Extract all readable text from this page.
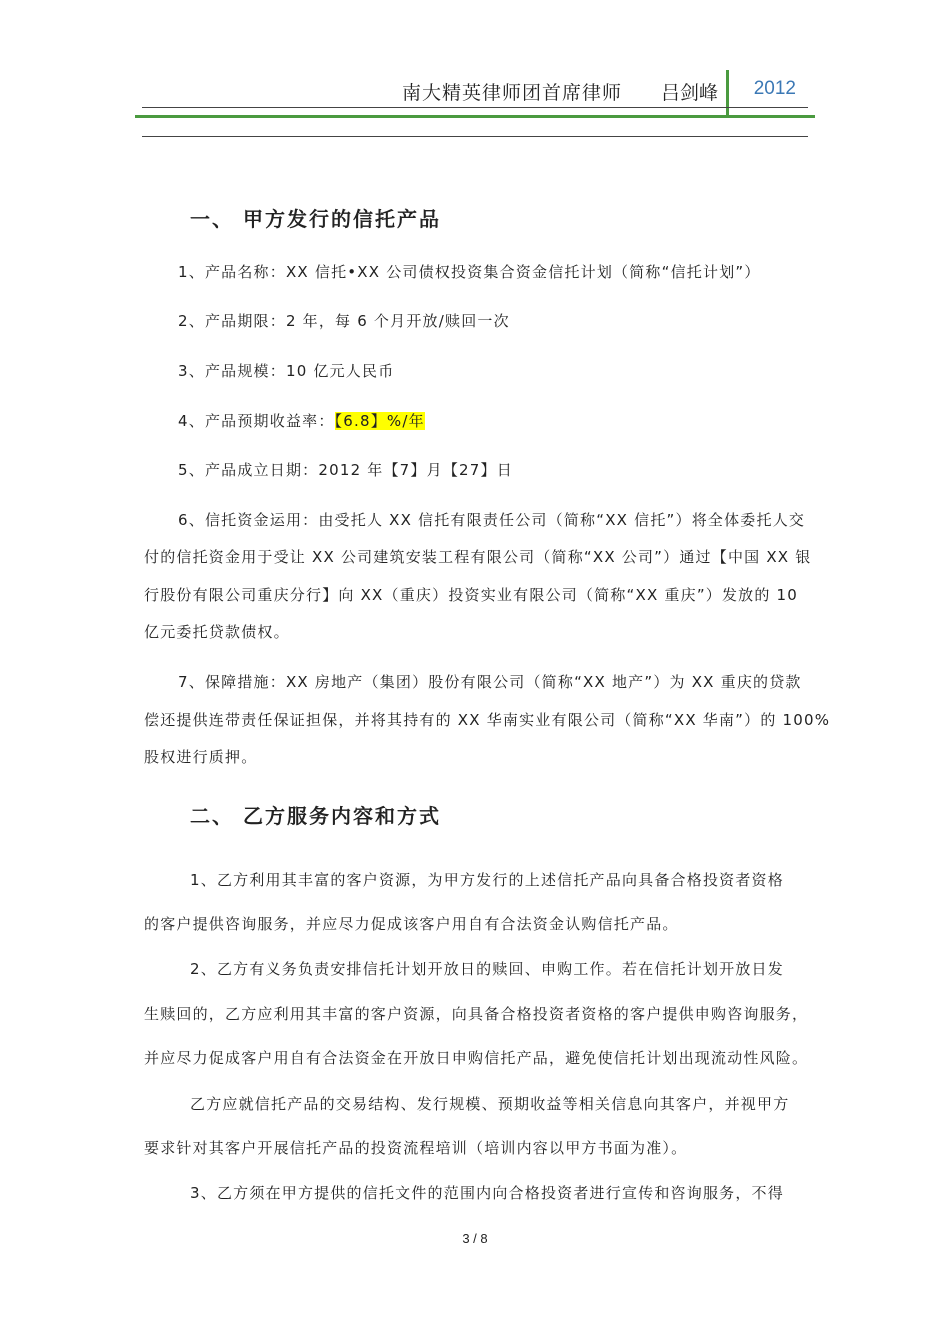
南大精英律师团首席律师 吕剑峰 2012
一、 甲方发行的信托产品
1、产品名称：XX 信托•XX 公司债权投资集合资金信托计划（简称“信托计划”）
2、产品期限：2 年，每 6 个月开放/赎回一次
3、产品规模：10 亿元人民币
4、产品预期收益率：【6.8】%/年
5、产品成立日期：2012 年【7】月【27】日
6、信托资金运用：由受托人 XX 信托有限责任公司（简称“XX 信托”）将全体委托人交
付的信托资金用于受让 XX 公司建筑安装工程有限公司（简称“XX 公司”）通过【中国 XX 银
行股份有限公司重庆分行】向 XX（重庆）投资实业有限公司（简称“XX 重庆”）发放的 10
亿元委托贷款债权。
7、保障措施：XX 房地产（集团）股份有限公司（简称“XX 地产”）为 XX 重庆的贷款
偿还提供连带责任保证担保，并将其持有的 XX 华南实业有限公司（简称“XX 华南”）的 100%
股权进行质押。
二、 乙方服务内容和方式
1、乙方利用其丰富的客户资源，为甲方发行的上述信托产品向具备合格投资者资格
的客户提供咨询服务，并应尽力促成该客户用自有合法资金认购信托产品。
2、乙方有义务负责安排信托计划开放日的赎回、申购工作。若在信托计划开放日发
生赎回的，乙方应利用其丰富的客户资源，向具备合格投资者资格的客户提供申购咨询服务，
并应尽力促成客户用自有合法资金在开放日申购信托产品，避免使信托计划出现流动性风险。
乙方应就信托产品的交易结构、发行规模、预期收益等相关信息向其客户，并视甲方
要求针对其客户开展信托产品的投资流程培训（培训内容以甲方书面为准）。
3、乙方须在甲方提供的信托文件的范围内向合格投资者进行宣传和咨询服务，不得
3 / 8
